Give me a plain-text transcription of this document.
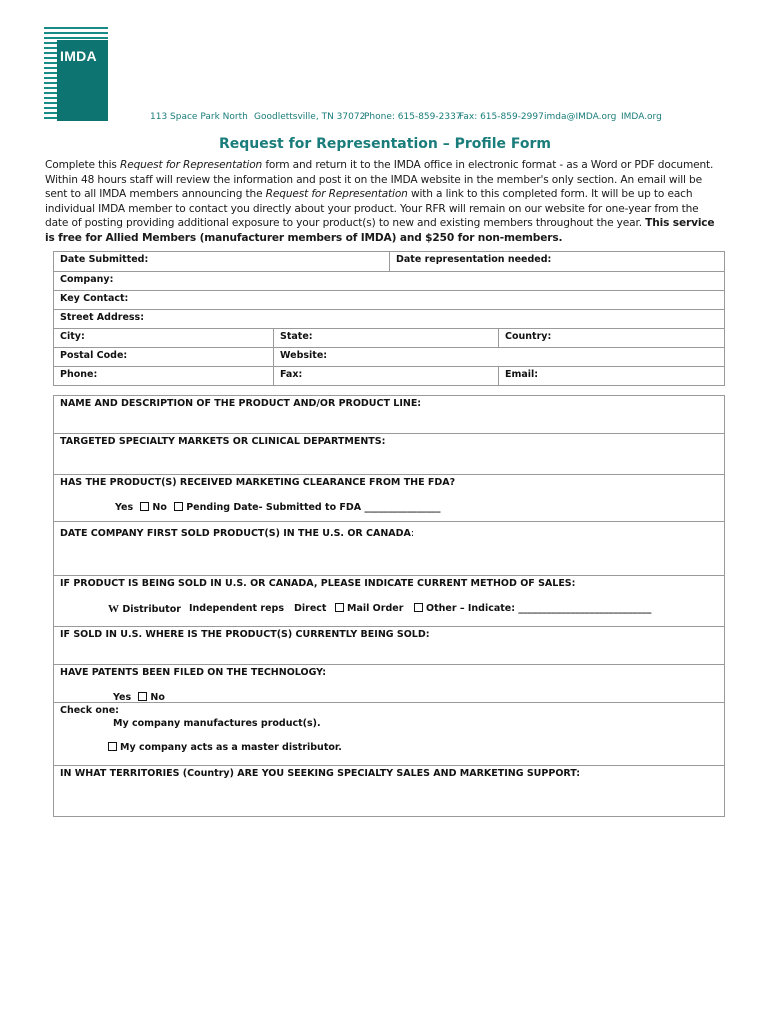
IMDA
113 Space Park North Goodlettsville, TN 37072
Phone: 615-859-2337
Fax: 615-859-2997 imda@IMDA.org IMDA.org
Request for Representation – Profile Form
Complete this Request for Representation form and return it to the IMDA office in electronic format - as a Word or PDF document. Within 48 hours staff will review the information and post it on the IMDA website in the member's only section. An email will be sent to all IMDA members announcing the Request for Representation with a link to this completed form. It will be up to each individual IMDA member to contact you directly about your product. Your RFR will remain on our website for one-year from the date of posting providing additional exposure to your product(s) to new and existing members throughout the year. This service is free for Allied Members (manufacturer members of IMDA) and $250 for non-members.
Date Submitted:	Date representation needed:
Company:
Key Contact:
Street Address:
City:	State:	Country:
Postal Code:	Website:
Phone:	Fax:	Email:
NAME AND DESCRIPTION OF THE PRODUCT AND/OR PRODUCT LINE:
TARGETED SPECIALTY MARKETS OR CLINICAL DEPARTMENTS:
HAS THE PRODUCT(S) RECEIVED MARKETING CLEARANCE FROM THE FDA?
Yes No Pending Date- Submitted to FDA ________________
DATE COMPANY FIRST SOLD PRODUCT(S) IN THE U.S. OR CANADA:
IF PRODUCT IS BEING SOLD IN U.S. OR CANADA, PLEASE INDICATE CURRENT METHOD OF SALES:
W Distributor Independent reps Direct	Mail Order	Other – Indicate: ____________________________
IF SOLD IN U.S. WHERE IS THE PRODUCT(S) CURRENTLY BEING SOLD:
HAVE PATENTS BEEN FILED ON THE TECHNOLOGY:
Yes No
Check one:
My company manufactures product(s).
My company acts as a master distributor.
IN WHAT TERRITORIES (Country) ARE YOU SEEKING SPECIALTY SALES AND MARKETING SUPPORT:
